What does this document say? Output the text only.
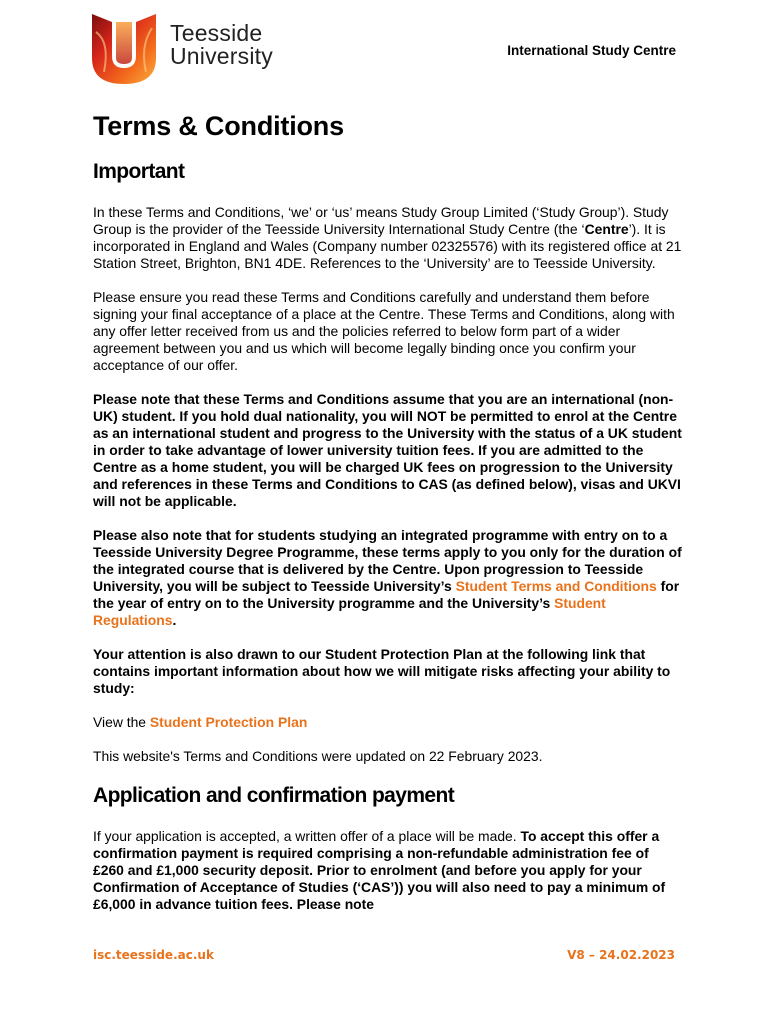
Teesside
University	International Study Centre
Terms & Conditions
Important

In these Terms and Conditions, ‘we’ or ‘us’ means Study Group Limited (‘Study Group’). Study Group is the provider of the Teesside University International Study Centre (the ‘Centre’). It is incorporated in England and Wales (Company number 02325576) with its registered office at 21 Station Street, Brighton, BN1 4DE. References to the ‘University’ are to Teesside University.

Please ensure you read these Terms and Conditions carefully and understand them before signing your final acceptance of a place at the Centre. These Terms and Conditions, along with any offer letter received from us and the policies referred to below form part of a wider agreement between you and us which will become legally binding once you confirm your acceptance of our offer.

Please note that these Terms and Conditions assume that you are an international (non-UK) student. If you hold dual nationality, you will NOT be permitted to enrol at the Centre as an international student and progress to the University with the status of a UK student in order to take advantage of lower university tuition fees. If you are admitted to the Centre as a home student, you will be charged UK fees on progression to the University and references in these Terms and Conditions to CAS (as defined below), visas and UKVI will not be applicable.

Please also note that for students studying an integrated programme with entry on to a Teesside University Degree Programme, these terms apply to you only for the duration of the integrated course that is delivered by the Centre. Upon progression to Teesside University, you will be subject to Teesside University’s Student Terms and Conditions for the year of entry on to the University programme and the University’s Student Regulations.

Your attention is also drawn to our Student Protection Plan at the following link that contains important information about how we will mitigate risks affecting your ability to study:

View the Student Protection Plan

This website's Terms and Conditions were updated on 22 February 2023.

Application and confirmation payment

If your application is accepted, a written offer of a place will be made. To accept this offer a confirmation payment is required comprising a non-refundable administration fee of £260 and £1,000 security deposit. Prior to enrolment (and before you apply for your Confirmation of Acceptance of Studies (‘CAS’)) you will also need to pay a minimum of £6,000 in advance tuition fees. Please note

isc.teesside.ac.uk	V8 – 24.02.2023
